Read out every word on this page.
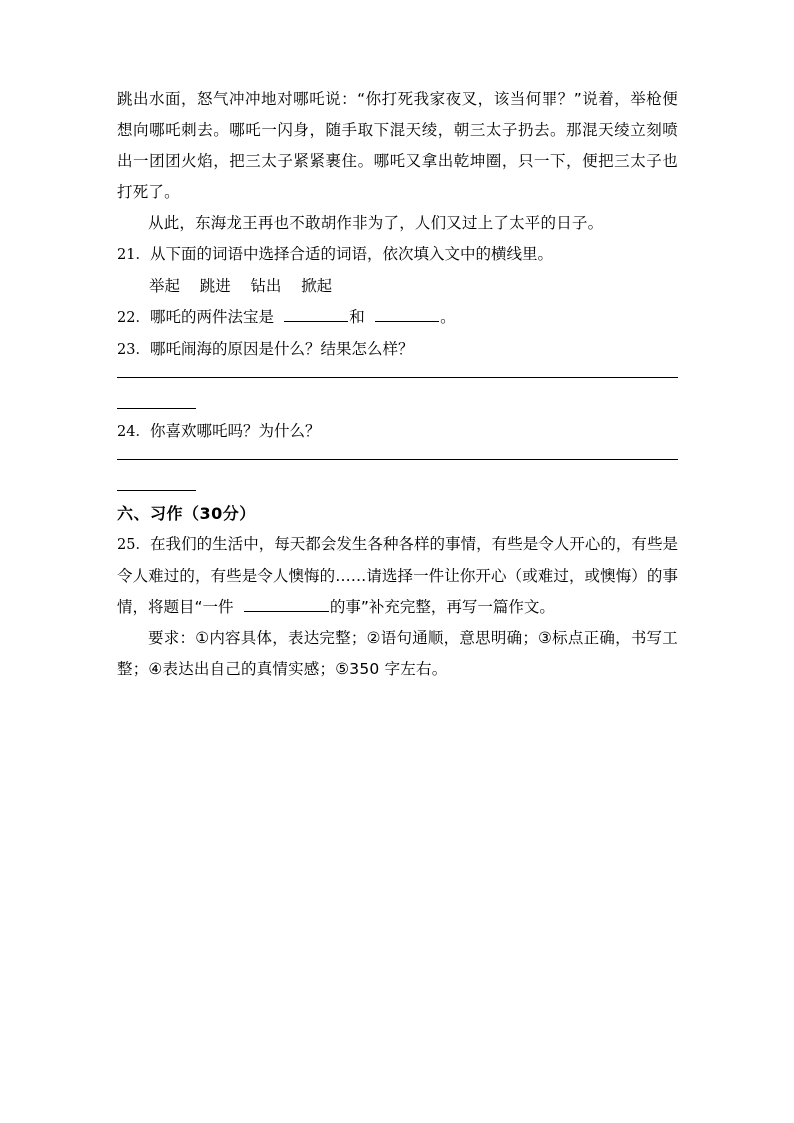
跳出水面，怒气冲冲地对哪吒说：“你打死我家夜叉，该当何罪？”说着，举枪便想向哪吒刺去。哪吒一闪身，随手取下混天绫，朝三太子扔去。那混天绫立刻喷出一团团火焰，把三太子紧紧裹住。哪吒又拿出乾坤圈，只一下，便把三太子也打死了。

从此，东海龙王再也不敢胡作非为了，人们又过上了太平的日子。

21．从下面的词语中选择合适的词语，依次填入文中的横线里。

举起    跳进    钻出    掀起

22．哪吒的两件法宝是	和	。

23．哪吒闹海的原因是什么？结果怎么样？

24．你喜欢哪吒吗？为什么？

六、习作（30分）

25．在我们的生活中，每天都会发生各种各样的事情，有些是令人开心的，有些是令人难过的，有些是令人懊悔的……请选择一件让你开心（或难过，或懊悔）的事情，将题目“一件	的事”补充完整，再写一篇作文。

要求：①内容具体，表达完整；②语句通顺，意思明确；③标点正确，书写工整；④表达出自己的真情实感；⑤350 字左右。
